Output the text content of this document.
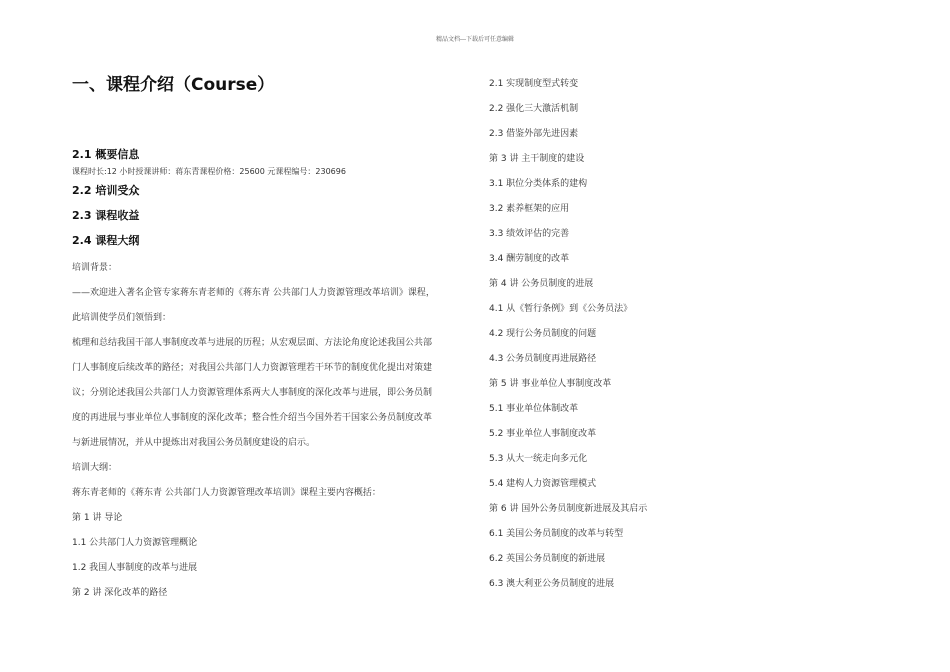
精品文档---下载后可任意编辑
一、课程介绍（Course）
2.1 概要信息
课程时长:12 小时授课讲师：蒋东青课程价格：25600 元课程编号：230696
2.2 培训受众
2.3 课程收益
2.4 课程大纲

培训背景：

——欢迎进入著名企管专家蒋东青老师的《蒋东青 公共部门人力资源管理改革培训》课程，

此培训使学员们领悟到：

梳理和总结我国干部人事制度改革与进展的历程；从宏观层面、方法论角度论述我国公共部

门人事制度后续改革的路径；对我国公共部门人力资源管理若干环节的制度优化提出对策建

议；分别论述我国公共部门人力资源管理体系两大人事制度的深化改革与进展，即公务员制

度的再进展与事业单位人事制度的深化改革；整合性介绍当今国外若干国家公务员制度改革

与新进展情况，并从中提炼出对我国公务员制度建设的启示。

培训大纲：

蒋东青老师的《蒋东青 公共部门人力资源管理改革培训》课程主要内容概括：

第 1 讲 导论

1.1 公共部门人力资源管理概论

1.2 我国人事制度的改革与进展

第 2 讲 深化改革的路径

2.1 实现制度型式转变

2.2 强化三大激活机制

2.3 借鉴外部先进因素

第 3 讲 主干制度的建设

3.1 职位分类体系的建构

3.2 素养框架的应用

3.3 绩效评估的完善

3.4 酬劳制度的改革

第 4 讲 公务员制度的进展

4.1 从《暂行条例》到《公务员法》

4.2 现行公务员制度的问题

4.3 公务员制度再进展路径

第 5 讲 事业单位人事制度改革

5.1 事业单位体制改革

5.2 事业单位人事制度改革

5.3 从大一统走向多元化

5.4 建构人力资源管理模式

第 6 讲 国外公务员制度新进展及其启示

6.1 美国公务员制度的改革与转型

6.2 英国公务员制度的新进展

6.3 澳大利亚公务员制度的进展
